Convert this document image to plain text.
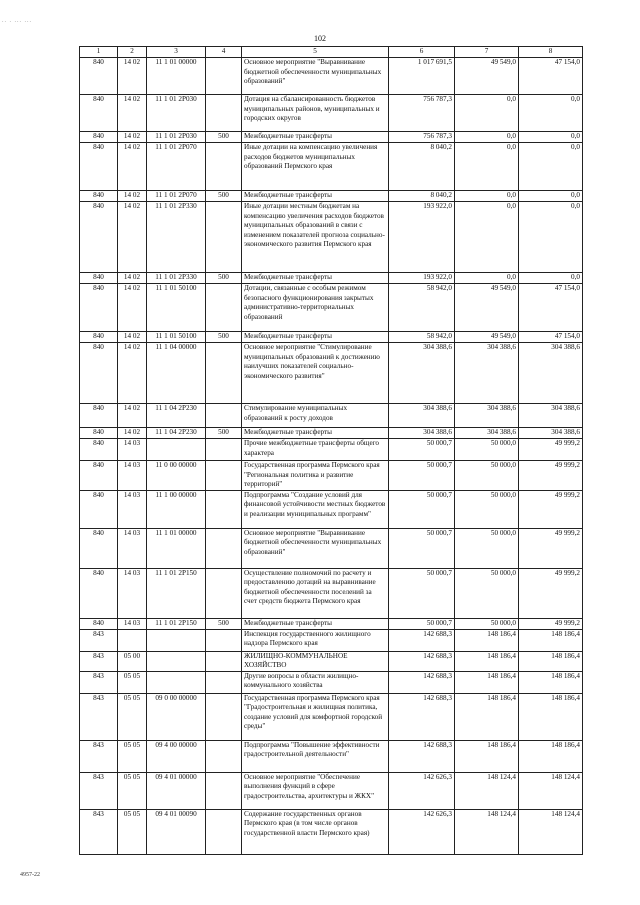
.. . ... ...
102
1	2	3	4	5	6	7	8
840	14 02	11 1 01 00000		Основное мероприятие "Выравнивание бюджетной обеспеченности муниципальных образований"	1 017 691,5	49 549,0	47 154,0
840	14 02	11 1 01 2Р030		Дотация на сбалансированность бюджетов муниципальных районов, муниципальных и городских округов	756 787,3	0,0	0,0
840	14 02	11 1 01 2Р030	500	Межбюджетные трансферты	756 787,3	0,0	0,0
840	14 02	11 1 01 2Р070		Иные дотации на компенсацию увеличения расходов бюджетов муниципальных образований Пермского края	8 040,2	0,0	0,0
840	14 02	11 1 01 2Р070	500	Межбюджетные трансферты	8 040,2	0,0	0,0
840	14 02	11 1 01 2Р330		Иные дотации местным бюджетам на компенсацию увеличения расходов бюджетов муниципальных образований в связи с изменением показателей прогноза социально-экономического развития Пермского края	193 922,0	0,0	0,0
840	14 02	11 1 01 2Р330	500	Межбюджетные трансферты	193 922,0	0,0	0,0
840	14 02	11 1 01 50100		Дотации, связанные с особым режимом безопасного функционирования закрытых административно-территориальных образований	58 942,0	49 549,0	47 154,0
840	14 02	11 1 01 50100	500	Межбюджетные трансферты	58 942,0	49 549,0	47 154,0
840	14 02	11 1 04 00000		Основное мероприятие "Стимулирование муниципальных образований к достижению наилучших показателей социально-экономического развития"	304 388,6	304 388,6	304 388,6
840	14 02	11 1 04 2Р230		Стимулирование муниципальных образований к росту доходов	304 388,6	304 388,6	304 388,6
840	14 02	11 1 04 2Р230	500	Межбюджетные трансферты	304 388,6	304 388,6	304 388,6
840	14 03			Прочие межбюджетные трансферты общего характера	50 000,7	50 000,0	49 999,2
840	14 03	11 0 00 00000		Государственная программа Пермского края "Региональная политика и развитие территорий"	50 000,7	50 000,0	49 999,2
840	14 03	11 1 00 00000		Подпрограмма "Создание условий для финансовой устойчивости местных бюджетов и реализации муниципальных программ"	50 000,7	50 000,0	49 999,2
840	14 03	11 1 01 00000		Основное мероприятие "Выравнивание бюджетной обеспеченности муниципальных образований"	50 000,7	50 000,0	49 999,2
840	14 03	11 1 01 2Р150		Осуществление полномочий по расчету и предоставлению дотаций на выравнивание бюджетной обеспеченности поселений за счет средств бюджета Пермского края	50 000,7	50 000,0	49 999,2
840	14 03	11 1 01 2Р150	500	Межбюджетные трансферты	50 000,7	50 000,0	49 999,2
843				Инспекция государственного жилищного надзора Пермского края	142 688,3	148 186,4	148 186,4
843	05 00			ЖИЛИЩНО-КОММУНАЛЬНОЕ ХОЗЯЙСТВО	142 688,3	148 186,4	148 186,4
843	05 05			Другие вопросы в области жилищно-коммунального хозяйства	142 688,3	148 186,4	148 186,4
843	05 05	09 0 00 00000		Государственная программа Пермского края "Градостроительная и жилищная политика, создание условий для комфортной городской среды"	142 688,3	148 186,4	148 186,4
843	05 05	09 4 00 00000		Подпрограмма "Повышение эффективности градостроительной деятельности"	142 688,3	148 186,4	148 186,4
843	05 05	09 4 01 00000		Основное мероприятие "Обеспечение выполнения функций в сфере градостроительства, архитектуры и ЖКХ"	142 626,3	148 124,4	148 124,4
843	05 05	09 4 01 00090		Содержание государственных органов Пермского края (в том числе органов государственной власти Пермского края)	142 626,3	148 124,4	148 124,4
4957-22
